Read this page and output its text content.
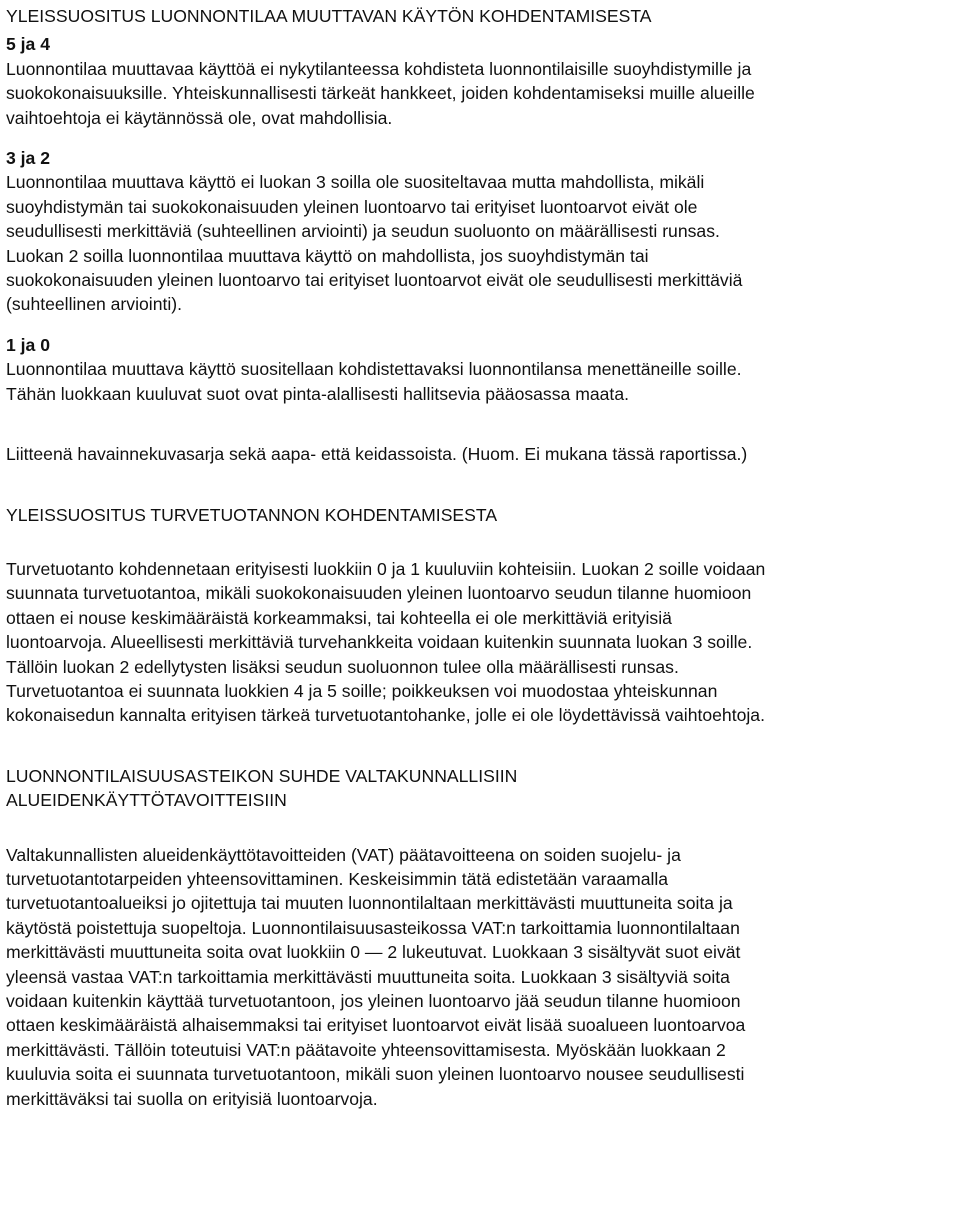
YLEISSUOSITUS LUONNONTILAA MUUTTAVAN KÄYTÖN KOHDENTAMISESTA
5 ja 4
Luonnontilaa muuttavaa käyttöä ei nykytilanteessa kohdisteta luonnontilaisille suoyhdistymille ja
suokokonaisuuksille. Yhteiskunnallisesti tärkeät hankkeet, joiden kohdentamiseksi muille alueille
vaihtoehtoja ei käytännössä ole, ovat mahdollisia.
3 ja 2
Luonnontilaa muuttava käyttö ei luokan 3 soilla ole suositeltavaa mutta mahdollista, mikäli
suoyhdistymän tai suokokonaisuuden yleinen luontoarvo tai erityiset luontoarvot eivät ole
seudullisesti merkittäviä (suhteellinen arviointi) ja seudun suoluonto on määrällisesti runsas.
Luokan 2 soilla luonnontilaa muuttava käyttö on mahdollista, jos suoyhdistymän tai
suokokonaisuuden yleinen luontoarvo tai erityiset luontoarvot eivät ole seudullisesti merkittäviä
(suhteellinen arviointi).
1 ja 0
Luonnontilaa muuttava käyttö suositellaan kohdistettavaksi luonnontilansa menettäneille soille.
Tähän luokkaan kuuluvat suot ovat pinta-alallisesti hallitsevia pääosassa maata.
Liitteenä havainnekuvasarja sekä aapa- että keidassoista. (Huom. Ei mukana tässä raportissa.)
YLEISSUOSITUS TURVETUOTANNON KOHDENTAMISESTA
Turvetuotanto kohdennetaan erityisesti luokkiin 0 ja 1 kuuluviin kohteisiin. Luokan 2 soille voidaan
suunnata turvetuotantoa, mikäli suokokonaisuuden yleinen luontoarvo seudun tilanne huomioon
ottaen ei nouse keskimääräistä korkeammaksi, tai kohteella ei ole merkittäviä erityisiä
luontoarvoja. Alueellisesti merkittäviä turvehankkeita voidaan kuitenkin suunnata luokan 3 soille.
Tällöin luokan 2 edellytysten lisäksi seudun suoluonnon tulee olla määrällisesti runsas.
Turvetuotantoa ei suunnata luokkien 4 ja 5 soille; poikkeuksen voi muodostaa yhteiskunnan
kokonaisedun kannalta erityisen tärkeä turvetuotantohanke, jolle ei ole löydettävissä vaihtoehtoja.
LUONNONTILAISUUSASTEIKON SUHDE VALTAKUNNALLISIIN
ALUEIDENKÄYTTÖTAVOITTEISIIN
Valtakunnallisten alueidenkäyttötavoitteiden (VAT) päätavoitteena on soiden suojelu- ja
turvetuotantotarpeiden yhteensovittaminen. Keskeisimmin tätä edistetään varaamalla
turvetuotantoalueiksi jo ojitettuja tai muuten luonnontilaltaan merkittävästi muuttuneita soita ja
käytöstä poistettuja suopeltoja. Luonnontilaisuusasteikossa VAT:n tarkoittamia luonnontilaltaan
merkittävästi muuttuneita soita ovat luokkiin 0 — 2 lukeutuvat. Luokkaan 3 sisältyvät suot eivät
yleensä vastaa VAT:n tarkoittamia merkittävästi muuttuneita soita. Luokkaan 3 sisältyviä soita
voidaan kuitenkin käyttää turvetuotantoon, jos yleinen luontoarvo jää seudun tilanne huomioon
ottaen keskimääräistä alhaisemmaksi tai erityiset luontoarvot eivät lisää suoalueen luontoarvoa
merkittävästi. Tällöin toteutuisi VAT:n päätavoite yhteensovittamisesta. Myöskään luokkaan 2
kuuluvia soita ei suunnata turvetuotantoon, mikäli suon yleinen luontoarvo nousee seudullisesti
merkittäväksi tai suolla on erityisiä luontoarvoja.
